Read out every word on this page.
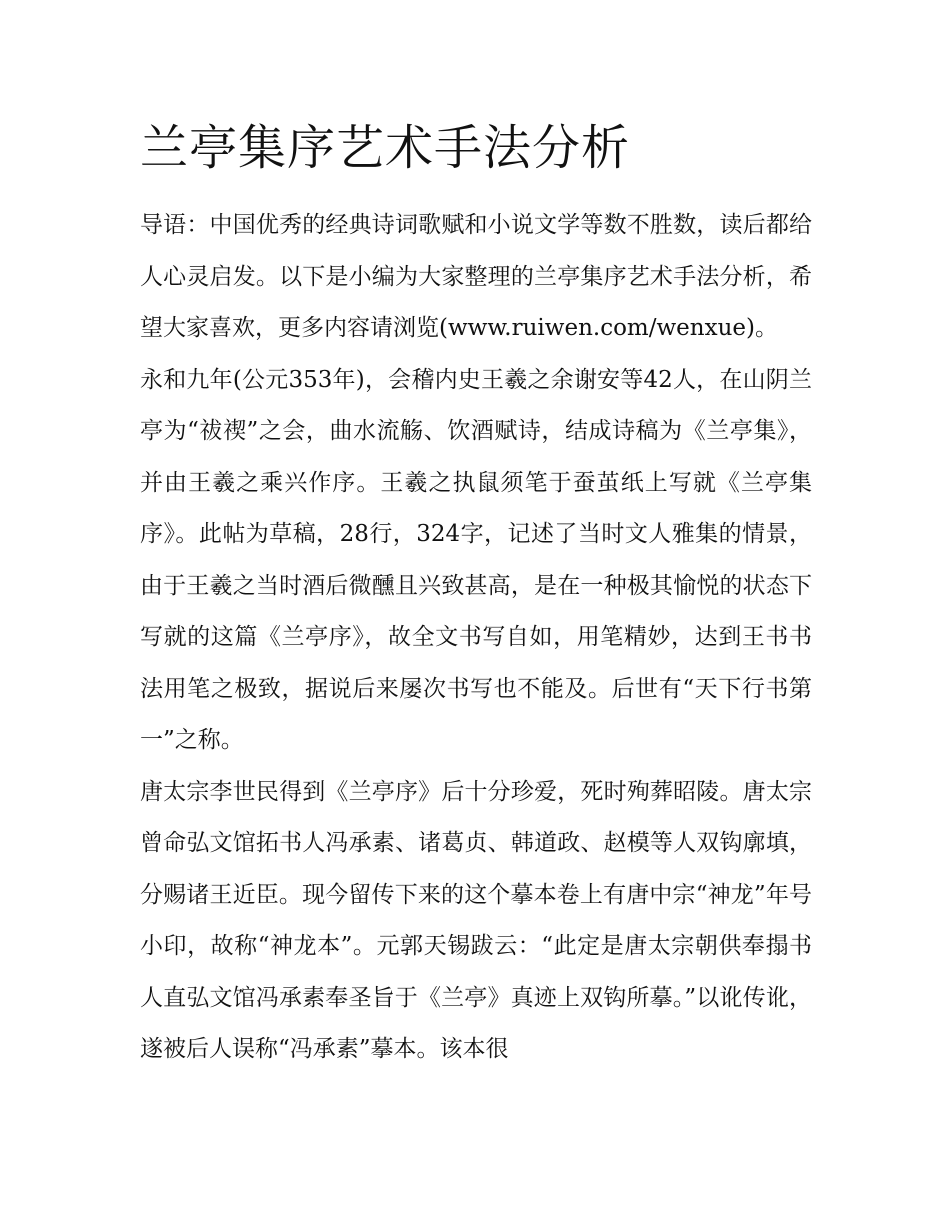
兰亭集序艺术手法分析

导语：中国优秀的经典诗词歌赋和小说文学等数不胜数，读后都给人心灵启发。以下是小编为大家整理的兰亭集序艺术手法分析，希望大家喜欢，更多内容请浏览(www.ruiwen.com/wenxue)。

永和九年(公元353年)，会稽内史王羲之余谢安等42人，在山阴兰亭为“祓禊”之会，曲水流觞、饮酒赋诗，结成诗稿为《兰亭集》，并由王羲之乘兴作序。王羲之执鼠须笔于蚕茧纸上写就《兰亭集序》。此帖为草稿，28行，324字，记述了当时文人雅集的情景，由于王羲之当时酒后微醺且兴致甚高，是在一种极其愉悦的状态下写就的这篇《兰亭序》，故全文书写自如，用笔精妙，达到王书书法用笔之极致，据说后来屡次书写也不能及。后世有“天下行书第一”之称。

唐太宗李世民得到《兰亭序》后十分珍爱，死时殉葬昭陵。唐太宗曾命弘文馆拓书人冯承素、诸葛贞、韩道政、赵模等人双钩廓填，分赐诸王近臣。现今留传下来的这个摹本卷上有唐中宗“神龙”年号小印，故称“神龙本”。元郭天锡跋云：“此定是唐太宗朝供奉搨书人直弘文馆冯承素奉圣旨于《兰亭》真迹上双钩所摹。”以讹传讹，遂被后人误称“冯承素”摹本。该本很
